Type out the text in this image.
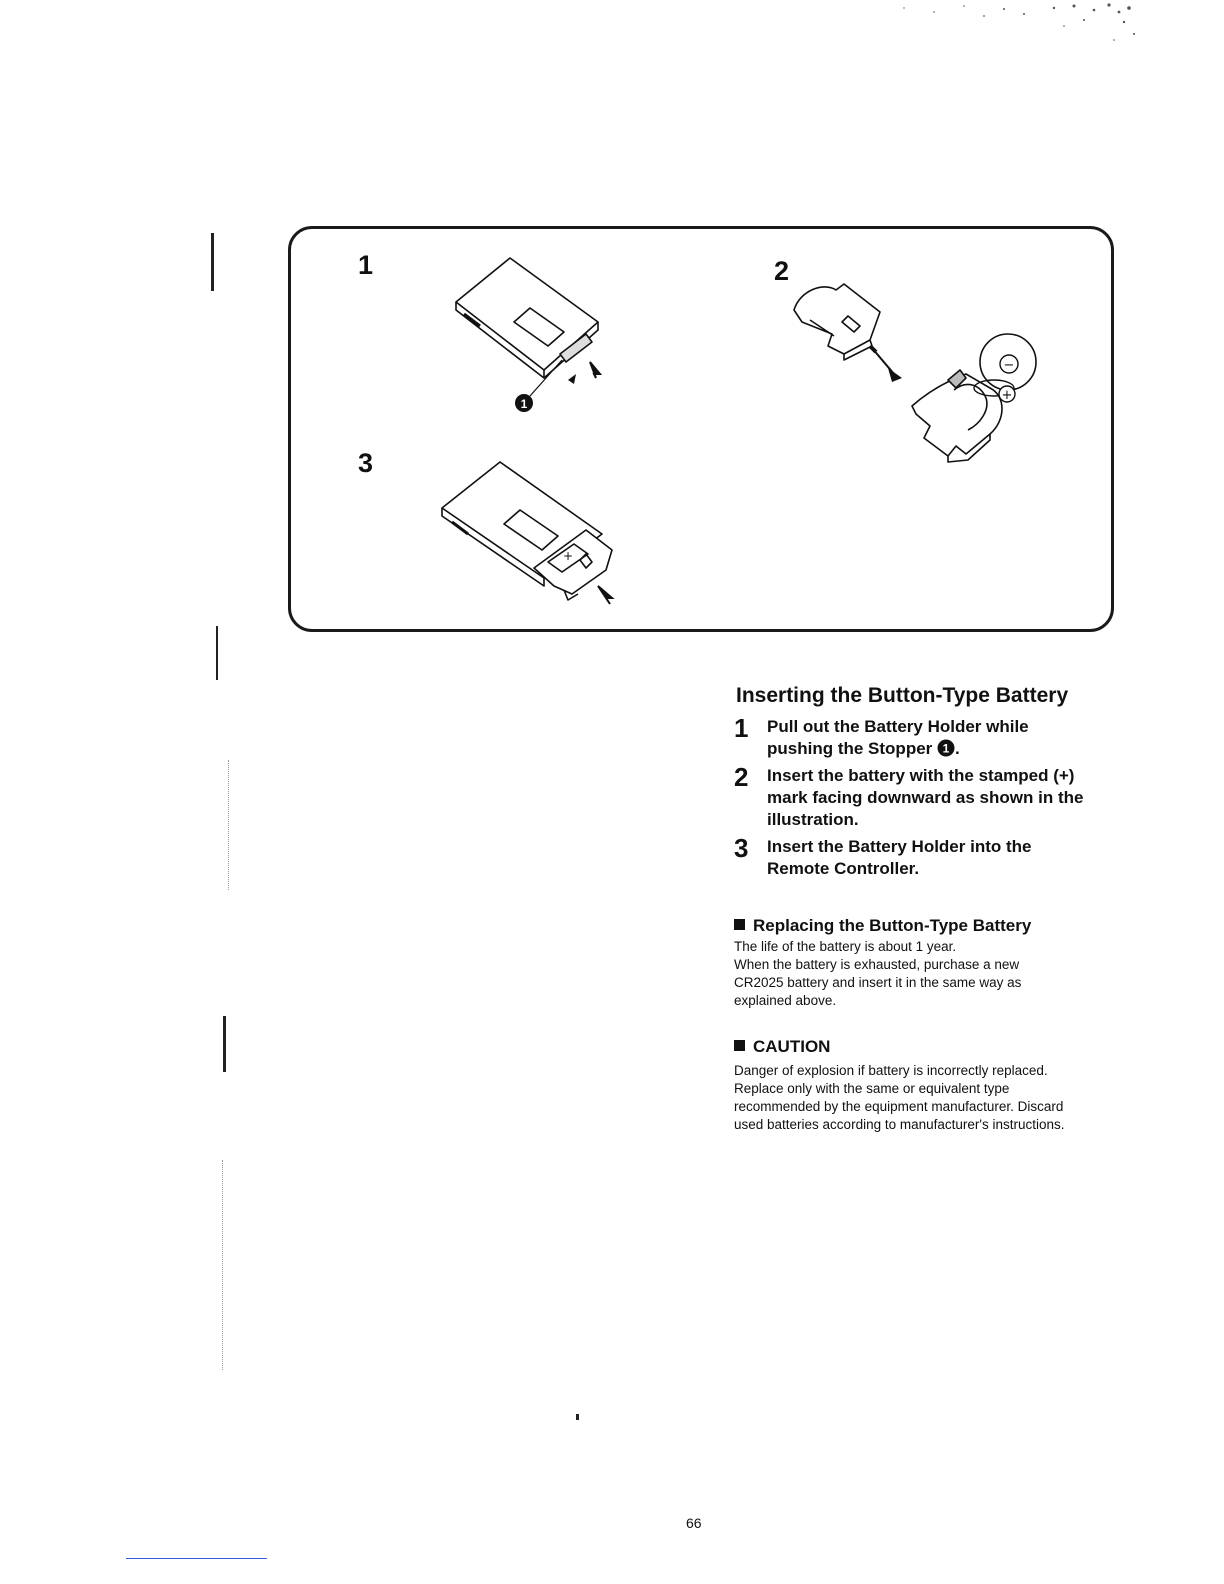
1	2
3
1
−
+
+
Inserting the Button-Type Battery
1 Pull out the Battery Holder while
pushing the Stopper 1 .
2 Insert the battery with the stamped (+)
mark facing downward as shown in the
illustration.
3 Insert the Battery Holder into the
Remote Controller.
Replacing the Button-Type Battery
The life of the battery is about 1 year.
When the battery is exhausted, purchase a new
CR2025 battery and insert it in the same way as
explained above.
CAUTION
Danger of explosion if battery is incorrectly replaced.
Replace only with the same or equivalent type
recommended by the equipment manufacturer. Discard
used batteries according to manufacturer's instructions.
66
